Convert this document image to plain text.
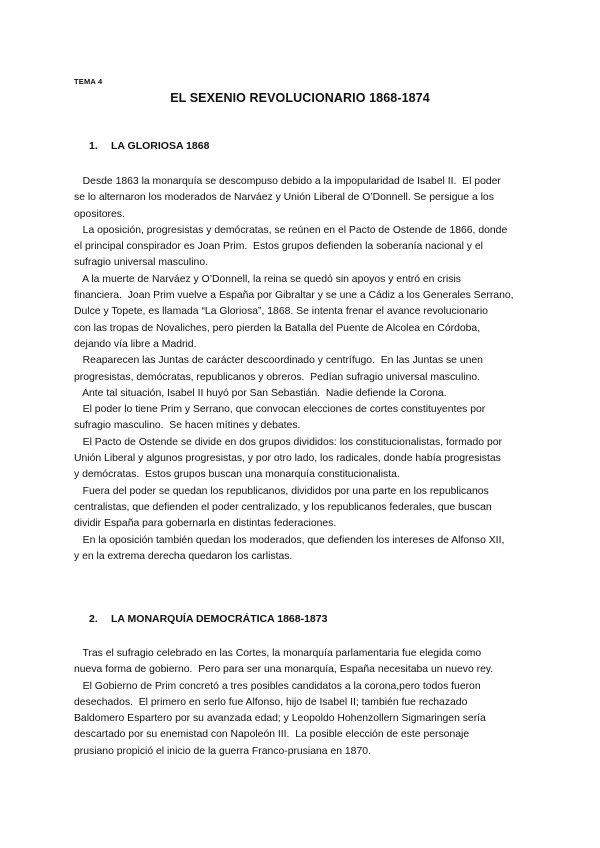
TEMA 4
EL SEXENIO REVOLUCIONARIO 1868-1874
1. LA GLORIOSA 1868
Desde 1863 la monarquía se descompuso debido a la impopularidad de Isabel II.  El poder
se lo alternaron los moderados de Narváez y Unión Liberal de O’Donnell. Se persigue a los
opositores.
La oposición, progresistas y demócratas, se reúnen en el Pacto de Ostende de 1866, donde
el principal conspirador es Joan Prim.  Estos grupos defienden la soberanía nacional y el
sufragio universal masculino.
A la muerte de Narváez y O’Donnell, la reina se quedó sin apoyos y entró en crisis
financiera.  Joan Prim vuelve a España por Gibraltar y se une a Cádiz a los Generales Serrano,
Dulce y Topete, es llamada “La Gloriosa”, 1868. Se intenta frenar el avance revolucionario
con las tropas de Novaliches, pero pierden la Batalla del Puente de Alcolea en Córdoba,
dejando vía libre a Madrid.
Reaparecen las Juntas de carácter descoordinado y centrífugo.  En las Juntas se unen
progresistas, demócratas, republicanos y obreros.  Pedían sufragio universal masculino.
Ante tal situación, Isabel II huyó por San Sebastián.  Nadie defiende la Corona.
El poder lo tiene Prim y Serrano, que convocan elecciones de cortes constituyentes por
sufragio masculino.  Se hacen mítines y debates.
El Pacto de Ostende se divide en dos grupos divididos: los constitucionalistas, formado por
Unión Liberal y algunos progresistas, y por otro lado, los radicales, donde había progresistas
y demócratas.  Estos grupos buscan una monarquía constitucionalista.
Fuera del poder se quedan los republicanos, divididos por una parte en los republicanos
centralistas, que defienden el poder centralizado, y los republicanos federales, que buscan
dividir España para gobernarla en distintas federaciones.
En la oposición también quedan los moderados, que defienden los intereses de Alfonso XII,
y en la extrema derecha quedaron los carlistas.
2. LA MONARQUÍA DEMOCRÁTICA 1868-1873
Tras el sufragio celebrado en las Cortes, la monarquía parlamentaria fue elegida como
nueva forma de gobierno.  Pero para ser una monarquía, España necesitaba un nuevo rey.
El Gobierno de Prim concretó a tres posibles candidatos a la corona,pero todos fueron
desechados.  El primero en serlo fue Alfonso, hijo de Isabel II; también fue rechazado
Baldomero Espartero por su avanzada edad; y Leopoldo Hohenzollern Sigmaringen sería
descartado por su enemistad con Napoleón III.  La posible elección de este personaje
prusiano propició el inicio de la guerra Franco-prusiana en 1870.
